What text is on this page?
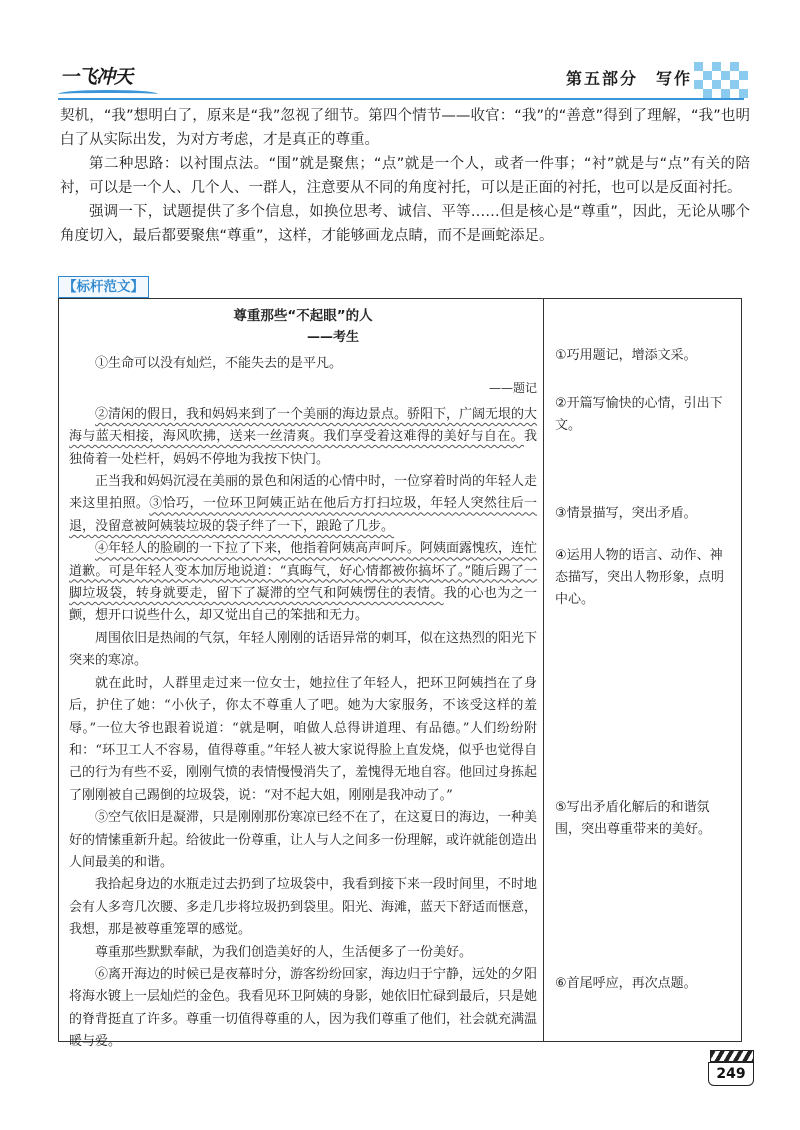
一飞冲天	第五部分　写作

契机，“我”想明白了，原来是“我”忽视了细节。第四个情节——收官：“我”的“善意”得到了理解，“我”也明白了从实际出发，为对方考虑，才是真正的尊重。

第二种思路：以衬围点法。“围”就是聚焦；“点”就是一个人，或者一件事；“衬”就是与“点”有关的陪衬，可以是一个人、几个人、一群人，注意要从不同的角度衬托，可以是正面的衬托，也可以是反面衬托。

强调一下，试题提供了多个信息，如换位思考、诚信、平等……但是核心是“尊重”，因此，无论从哪个角度切入，最后都要聚焦“尊重”，这样，才能够画龙点睛，而不是画蛇添足。

【标杆范文】

尊重那些“不起眼”的人

——考生

①生命可以没有灿烂，不能失去的是平凡。

——题记

②清闲的假日，我和妈妈来到了一个美丽的海边景点。骄阳下，广阔无垠的大海与蓝天相接，海风吹拂，送来一丝清爽。我们享受着这难得的美好与自在。我独倚着一处栏杆，妈妈不停地为我按下快门。

正当我和妈妈沉浸在美丽的景色和闲适的心情中时，一位穿着时尚的年轻人走来这里拍照。③恰巧，一位环卫阿姨正站在他后方打扫垃圾，年轻人突然往后一退，没留意被阿姨装垃圾的袋子绊了一下，踉跄了几步。

④年轻人的脸刷的一下拉了下来，他指着阿姨高声呵斥。阿姨面露愧疚，连忙道歉。可是年轻人变本加厉地说道：“真晦气，好心情都被你搞坏了。”随后踢了一脚垃圾袋，转身就要走，留下了凝滞的空气和阿姨愣住的表情。我的心也为之一颤，想开口说些什么，却又觉出自己的笨拙和无力。

周围依旧是热闹的气氛，年轻人刚刚的话语异常的刺耳，似在这热烈的阳光下突来的寒凉。

就在此时，人群里走过来一位女士，她拉住了年轻人，把环卫阿姨挡在了身后，护住了她：“小伙子，你太不尊重人了吧。她为大家服务，不该受这样的羞辱。”一位大爷也跟着说道：“就是啊，咱做人总得讲道理、有品德。”人们纷纷附和：“环卫工人不容易，值得尊重。”年轻人被大家说得脸上直发烧，似乎也觉得自己的行为有些不妥，刚刚气愤的表情慢慢消失了，羞愧得无地自容。他回过身拣起了刚刚被自己踢倒的垃圾袋，说：“对不起大姐，刚刚是我冲动了。”

⑤空气依旧是凝滞，只是刚刚那份寒凉已经不在了，在这夏日的海边，一种美好的情愫重新升起。给彼此一份尊重，让人与人之间多一份理解，或许就能创造出人间最美的和谐。

我拾起身边的水瓶走过去扔到了垃圾袋中，我看到接下来一段时间里，不时地会有人多弯几次腰、多走几步将垃圾扔到袋里。阳光、海滩，蓝天下舒适而惬意，我想，那是被尊重笼罩的感觉。

尊重那些默默奉献，为我们创造美好的人，生活便多了一份美好。

⑥离开海边的时候已是夜幕时分，游客纷纷回家，海边归于宁静，远处的夕阳将海水镀上一层灿烂的金色。我看见环卫阿姨的身影，她依旧忙碌到最后，只是她的脊背挺直了许多。尊重一切值得尊重的人，因为我们尊重了他们，社会就充满温暖与爱。

①巧用题记，增添文采。
②开篇写愉快的心情，引出下文。
③情景描写，突出矛盾。
④运用人物的语言、动作、神态描写，突出人物形象，点明中心。
⑤写出矛盾化解后的和谐氛围，突出尊重带来的美好。
⑥首尾呼应，再次点题。
249
